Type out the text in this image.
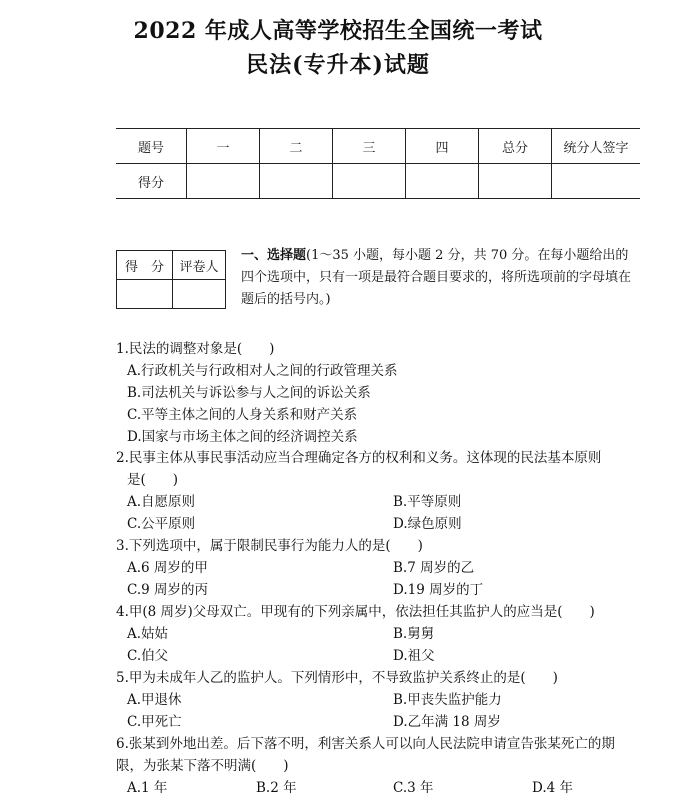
2022 年成人高等学校招生全国统一考试
民法(专升本)试题
题号	一	二	三	四	总分	统分人签字
得分						
得　分	评卷人

一、选择题(1～35 小题，每小题 2 分，共 70 分。在每小题给出的四个选项中，只有一项是最符合题目要求的，将所选项前的字母填在题后的括号内。)
1.民法的调整对象是(　　)
A.行政机关与行政相对人之间的行政管理关系
B.司法机关与诉讼参与人之间的诉讼关系
C.平等主体之间的人身关系和财产关系
D.国家与市场主体之间的经济调控关系
2.民事主体从事民事活动应当合理确定各方的权利和义务。这体现的民法基本原则
是(　　)
A.自愿原则	B.平等原则
C.公平原则	D.绿色原则
3.下列选项中，属于限制民事行为能力人的是(　　)
A.6 周岁的甲	B.7 周岁的乙
C.9 周岁的丙	D.19 周岁的丁
4.甲(8 周岁)父母双亡。甲现有的下列亲属中，依法担任其监护人的应当是(　　)
A.姑姑	B.舅舅
C.伯父	D.祖父
5.甲为未成年人乙的监护人。下列情形中，不导致监护关系终止的是(　　)
A.甲退休	B.甲丧失监护能力
C.甲死亡	D.乙年满 18 周岁
6.张某到外地出差。后下落不明，利害关系人可以向人民法院申请宣告张某死亡的期
限，为张某下落不明满(　　)
A.1 年	B.2 年	C.3 年	D.4 年
